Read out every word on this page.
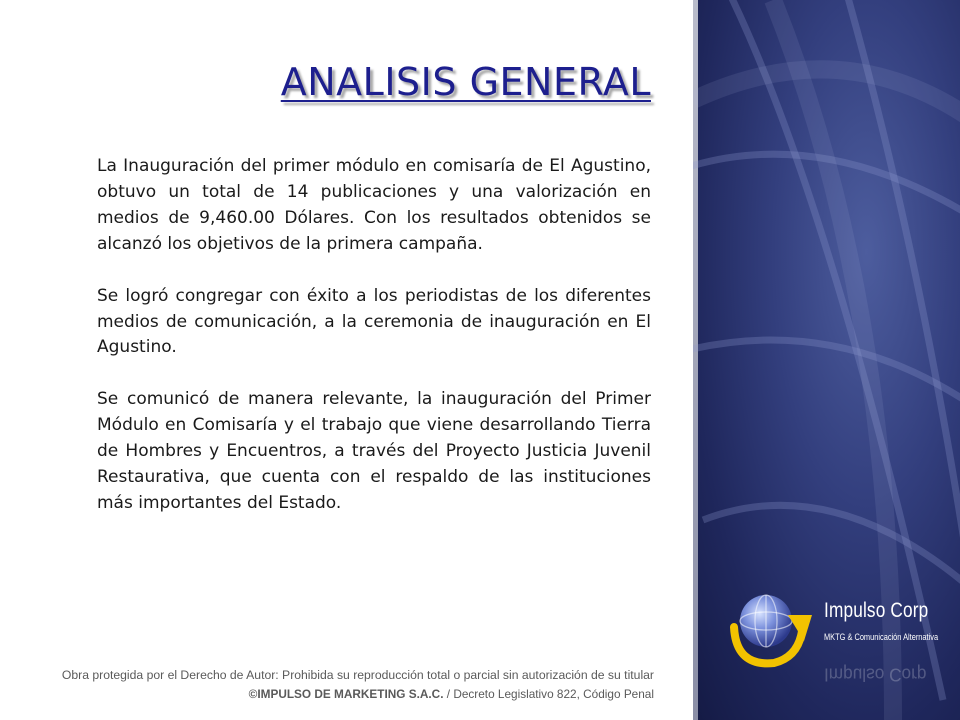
ANALISIS GENERAL

La Inauguración del primer módulo en comisaría de El Agustino, obtuvo un total de 14 publicaciones y una valorización en medios de 9,460.00 Dólares. Con los resultados obtenidos se alcanzó los objetivos de la primera campaña.

Se logró congregar con éxito a los periodistas de los diferentes medios de comunicación, a la ceremonia de inauguración en El Agustino.

Se comunicó de manera relevante, la inauguración del Primer Módulo en Comisaría y el trabajo que viene desarrollando Tierra de Hombres y Encuentros, a través del Proyecto Justicia Juvenil Restaurativa, que cuenta con el respaldo de las instituciones más importantes del Estado.

Obra protegida por el Derecho de Autor: Prohibida su reproducción total o parcial sin autorización de su titular
©IMPULSO DE MARKETING S.A.C. / Decreto Legislativo 822, Código Penal
Impulso Corp
MKTG & Comunicación Alternativa
Impulso Corp
